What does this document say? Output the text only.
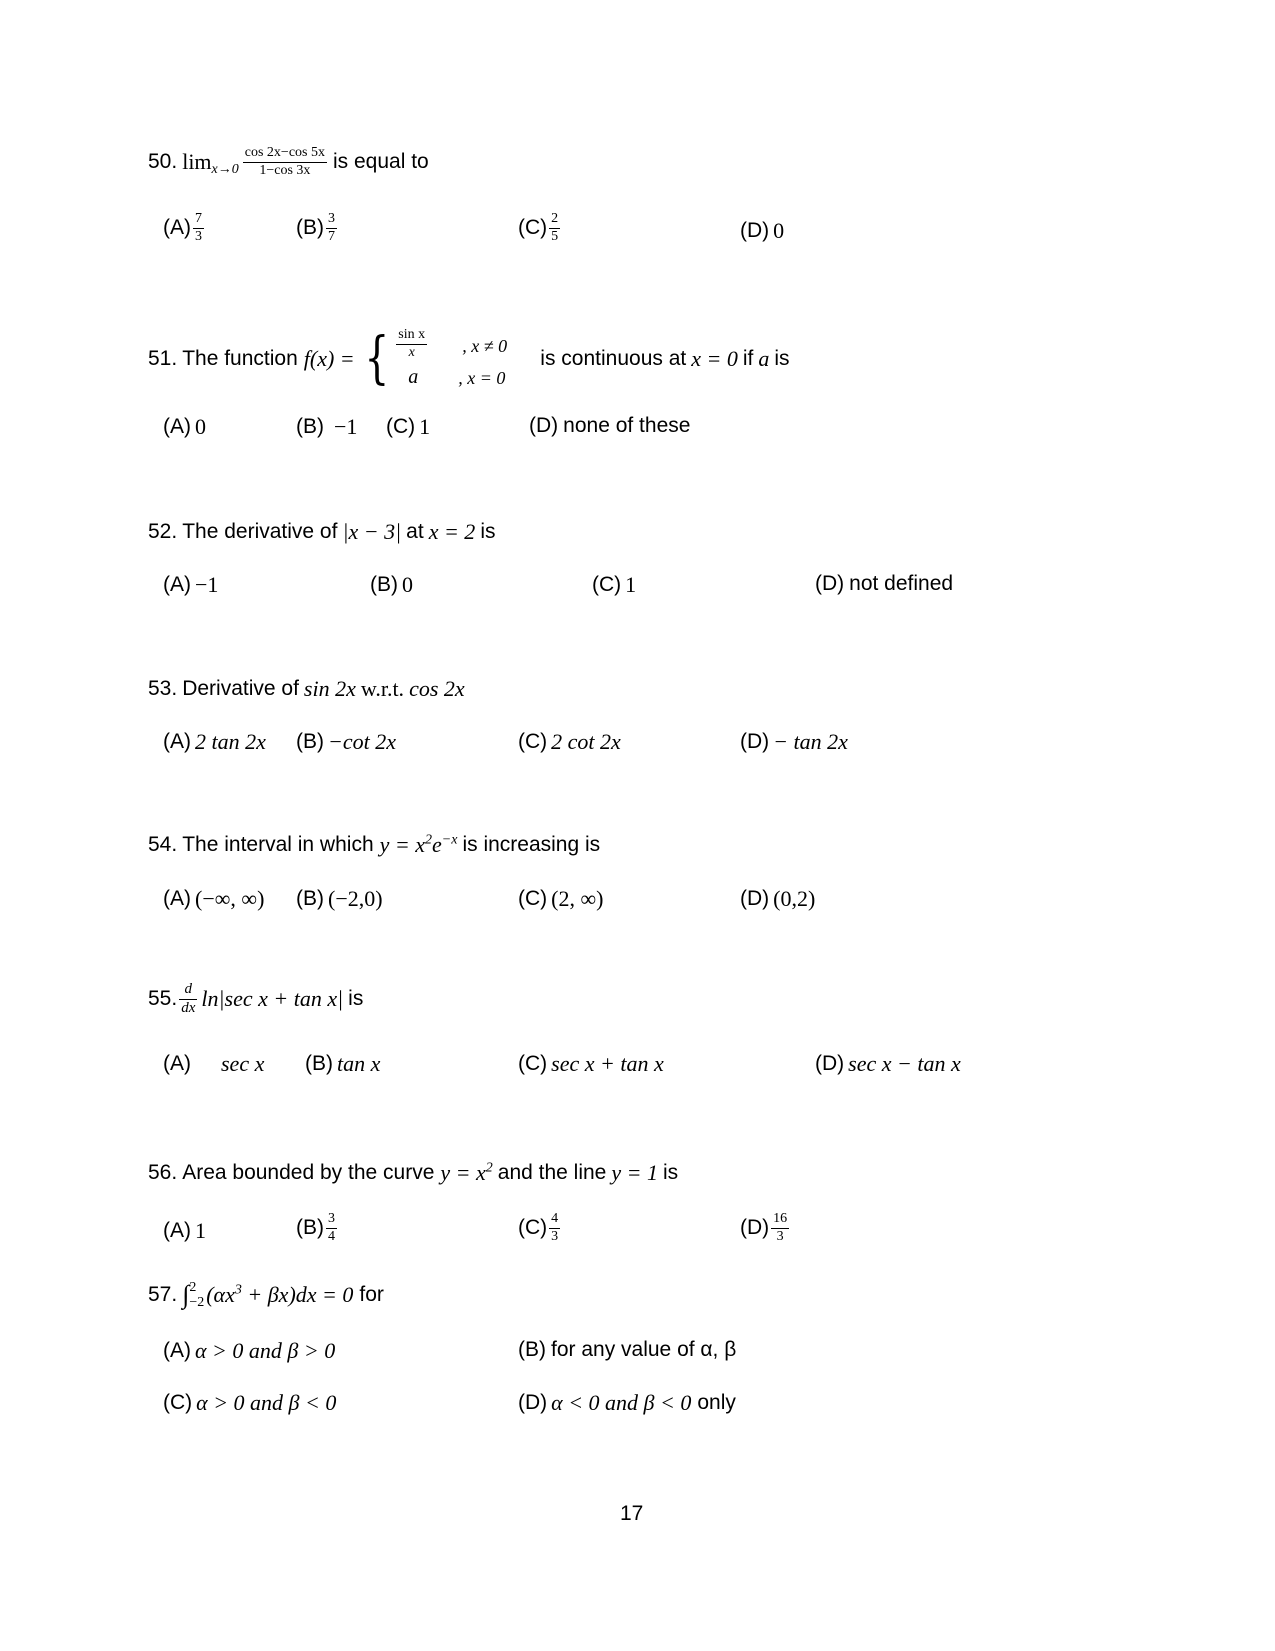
50. $\lim x\to 0 \frac{\cos 2x-\cos 5x}{1-\cos 3x}$ is equal to
$(A) \frac{7}{3}$	$(B) \frac{3}{7}$	$(C) \frac{2}{5}$	(D) 0
51. The function f(x) = { $\frac{\text{sin x}}{x}$ , x ≠ 0
a , x = 0
is continuous at x = 0 if a is
(A) 0	(B) −1 (C) 1	(D) none of these
52. The derivative of |x − 3| at x = 2 is
(A) −1	(B) 0	(C) 1	(D) not defined
53. Derivative of sin 2x w.r.t. cos 2x
(A) 2 tan 2x (B) −cot 2x	(C) 2 cot 2x	(D) − tan 2x
54. The interval in which $y = x^2e^{-x}$ is increasing is
(A) (−∞, ∞) (B) (−2,0)	(C) (2, ∞)	(D) (0,2)
55. $\frac{d}{dx} \ln|\sec$ x + tan x| is
(A) sec x (B) tan x	(C) sec x + tan x	(D) sec x − tan x
56. Area bounded by the curve $y = x^2$ and the line y = 1 is
(A) 1	$(B) \frac{3}{4}$	$(C) \frac{4}{3}$	$(D) \frac{16}{3}$
57. ∫ 2
−2 $(\alpha x^3 + \beta x)dx = 0$ for
(A) α > 0 and β > 0	(B) for any value of α, β
(C) α > 0 and β < 0	(D) α < 0 and β < 0 only
17
